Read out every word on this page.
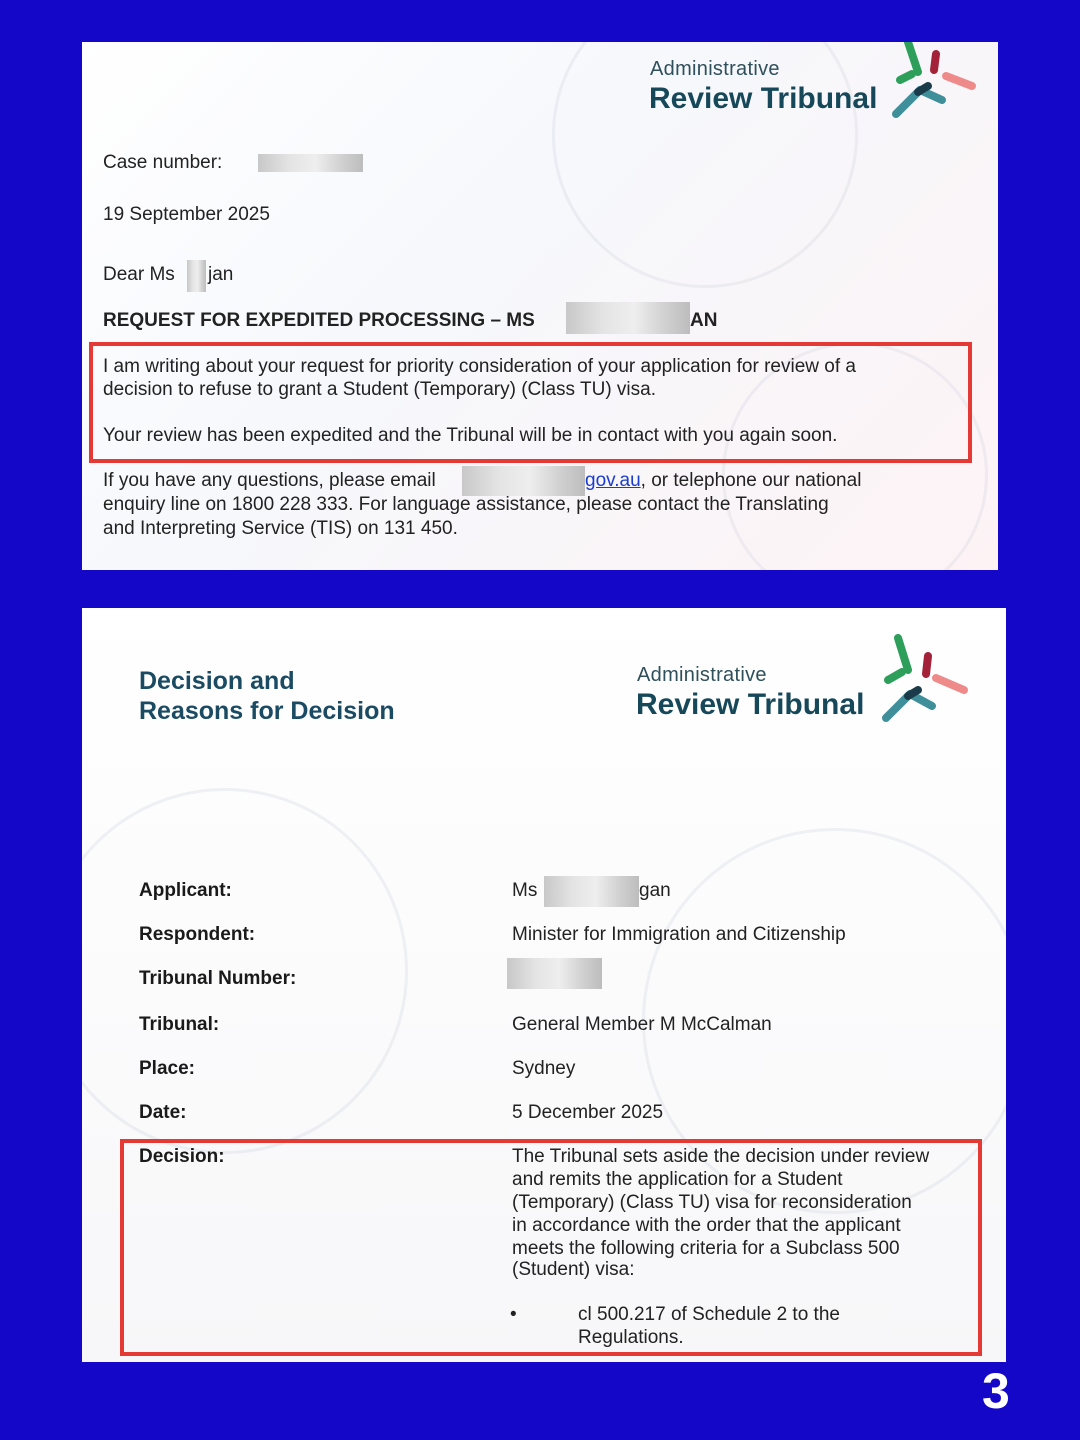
Administrative
Review Tribunal
Case number:
19 September 2025
Dear Ms jan
REQUEST FOR EXPEDITED PROCESSING – MS	AN
I am writing about your request for priority consideration of your application for review of a
decision to refuse to grant a Student (Temporary) (Class TU) visa.
Your review has been expedited and the Tribunal will be in contact with you again soon.
If you have any questions, please email	gov.au, or telephone our national
enquiry line on 1800 228 333. For language assistance, please contact the Translating
and Interpreting Service (TIS) on 131 450.
Decision and
Reasons for Decision
Administrative
Review Tribunal
Applicant:	Ms	gan
Respondent:	Minister for Immigration and Citizenship
Tribunal Number:
Tribunal:	General Member M McCalman
Place:	Sydney
Date:	5 December 2025
Decision:	The Tribunal sets aside the decision under review
and remits the application for a Student
(Temporary) (Class TU) visa for reconsideration
in accordance with the order that the applicant
meets the following criteria for a Subclass 500
(Student) visa:
•	cl 500.217 of Schedule 2 to the
Regulations.
3
